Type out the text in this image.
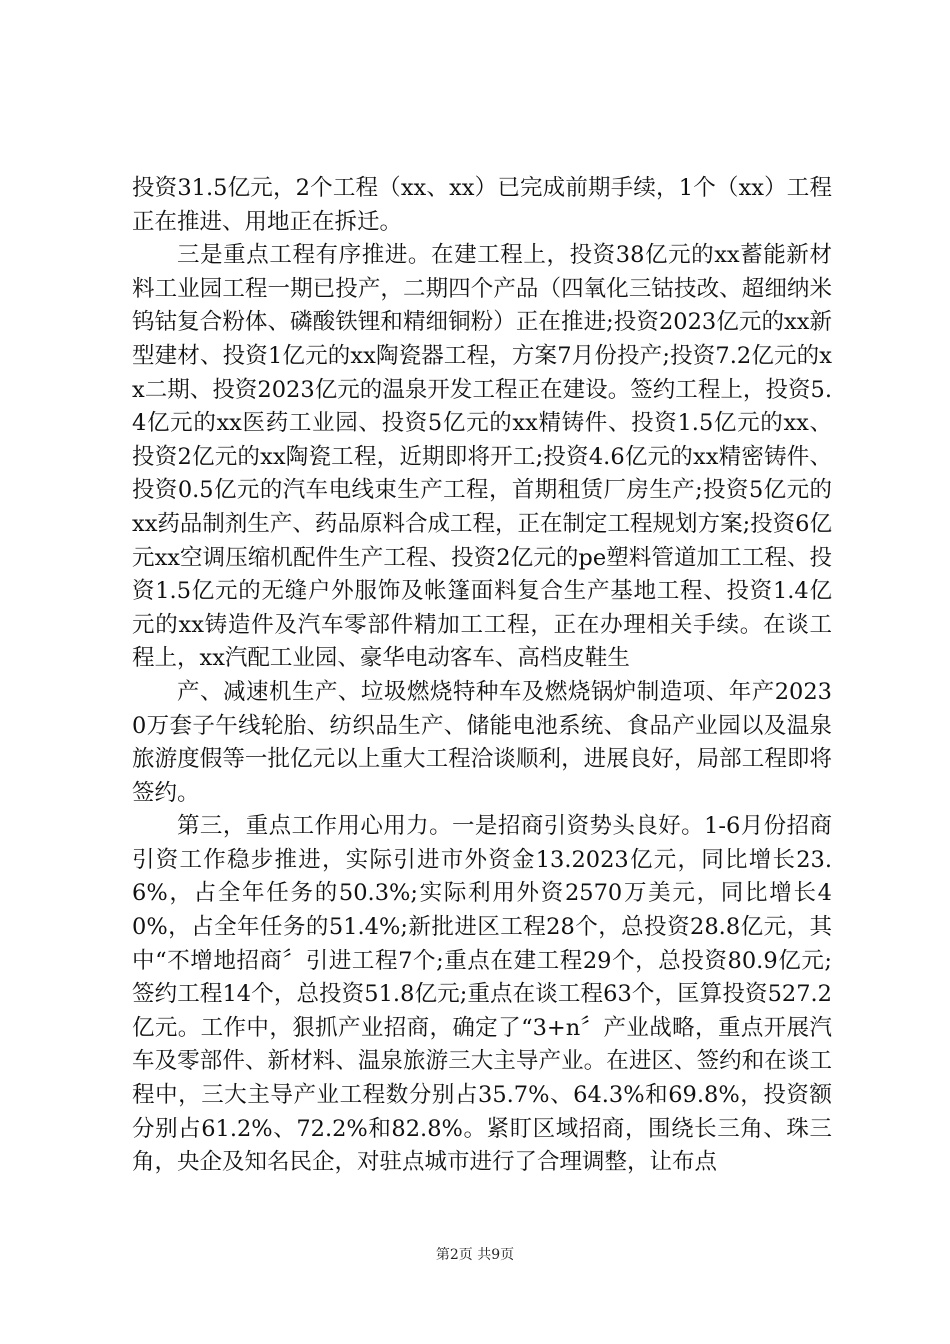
投资31.5亿元，2个工程（xx、xx）已完成前期手续，1个（xx）工程正在推进、用地正在拆迁。

三是重点工程有序推进。在建工程上，投资38亿元的xx蓄能新材料工业园工程一期已投产，二期四个产品（四氧化三钴技改、超细纳米钨钴复合粉体、磷酸铁锂和精细铜粉）正在推进;投资2023亿元的xx新型建材、投资1亿元的xx陶瓷器工程，方案7月份投产;投资7.2亿元的xx二期、投资2023亿元的温泉开发工程正在建设。签约工程上，投资5.4亿元的xx医药工业园、投资5亿元的xx精铸件、投资1.5亿元的xx、投资2亿元的xx陶瓷工程，近期即将开工;投资4.6亿元的xx精密铸件、投资0.5亿元的汽车电线束生产工程，首期租赁厂房生产;投资5亿元的xx药品制剂生产、药品原料合成工程，正在制定工程规划方案;投资6亿元xx空调压缩机配件生产工程、投资2亿元的pe塑料管道加工工程、投资1.5亿元的无缝户外服饰及帐篷面料复合生产基地工程、投资1.4亿元的xx铸造件及汽车零部件精加工工程，正在办理相关手续。在谈工程上，xx汽配工业园、豪华电动客车、高档皮鞋生

产、减速机生产、垃圾燃烧特种车及燃烧锅炉制造项、年产20230万套子午线轮胎、纺织品生产、储能电池系统、食品产业园以及温泉旅游度假等一批亿元以上重大工程洽谈顺利，进展良好，局部工程即将签约。

第三，重点工作用心用力。一是招商引资势头良好。1-6月份招商引资工作稳步推进，实际引进市外资金13.2023亿元，同比增长23.6%，占全年任务的50.3%;实际利用外资2570万美元，同比增长40%，占全年任务的51.4%;新批进区工程28个，总投资28.8亿元，其中“不增地招商〞引进工程7个;重点在建工程29个，总投资80.9亿元;签约工程14个，总投资51.8亿元;重点在谈工程63个，匡算投资527.2亿元。工作中，狠抓产业招商，确定了“3+n〞产业战略，重点开展汽车及零部件、新材料、温泉旅游三大主导产业。在进区、签约和在谈工程中，三大主导产业工程数分别占35.7%、64.3%和69.8%，投资额分别占61.2%、72.2%和82.8%。紧盯区域招商，围绕长三角、珠三角，央企及知名民企，对驻点城市进行了合理调整，让布点

第2页 共9页
